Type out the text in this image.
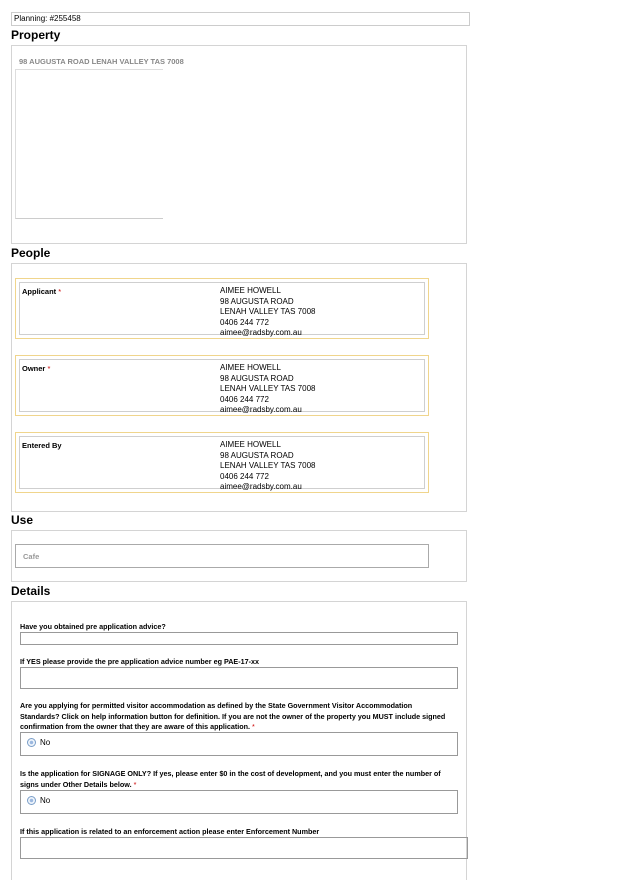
Planning: #255458
Property
98 AUGUSTA ROAD LENAH VALLEY TAS 7008
People
Applicant *	AIMEE HOWELL
98 AUGUSTA ROAD
LENAH VALLEY TAS 7008
0406 244 772
aimee@radsby.com.au
Owner *	AIMEE HOWELL
98 AUGUSTA ROAD
LENAH VALLEY TAS 7008
0406 244 772
aimee@radsby.com.au
Entered By	AIMEE HOWELL
98 AUGUSTA ROAD
LENAH VALLEY TAS 7008
0406 244 772
aimee@radsby.com.au
Use
Cafe
Details
Have you obtained pre application advice?
If YES please provide the pre application advice number eg PAE-17-xx
Are you applying for permitted visitor accommodation as defined by the State Government Visitor Accommodation Standards? Click on help information button for definition. If you are not the owner of the property you MUST include signed confirmation from the owner that they are aware of this application. *
No
Is the application for SIGNAGE ONLY? If yes, please enter $0 in the cost of development, and you must enter the number of signs under Other Details below. *
No
If this application is related to an enforcement action please enter Enforcement Number
